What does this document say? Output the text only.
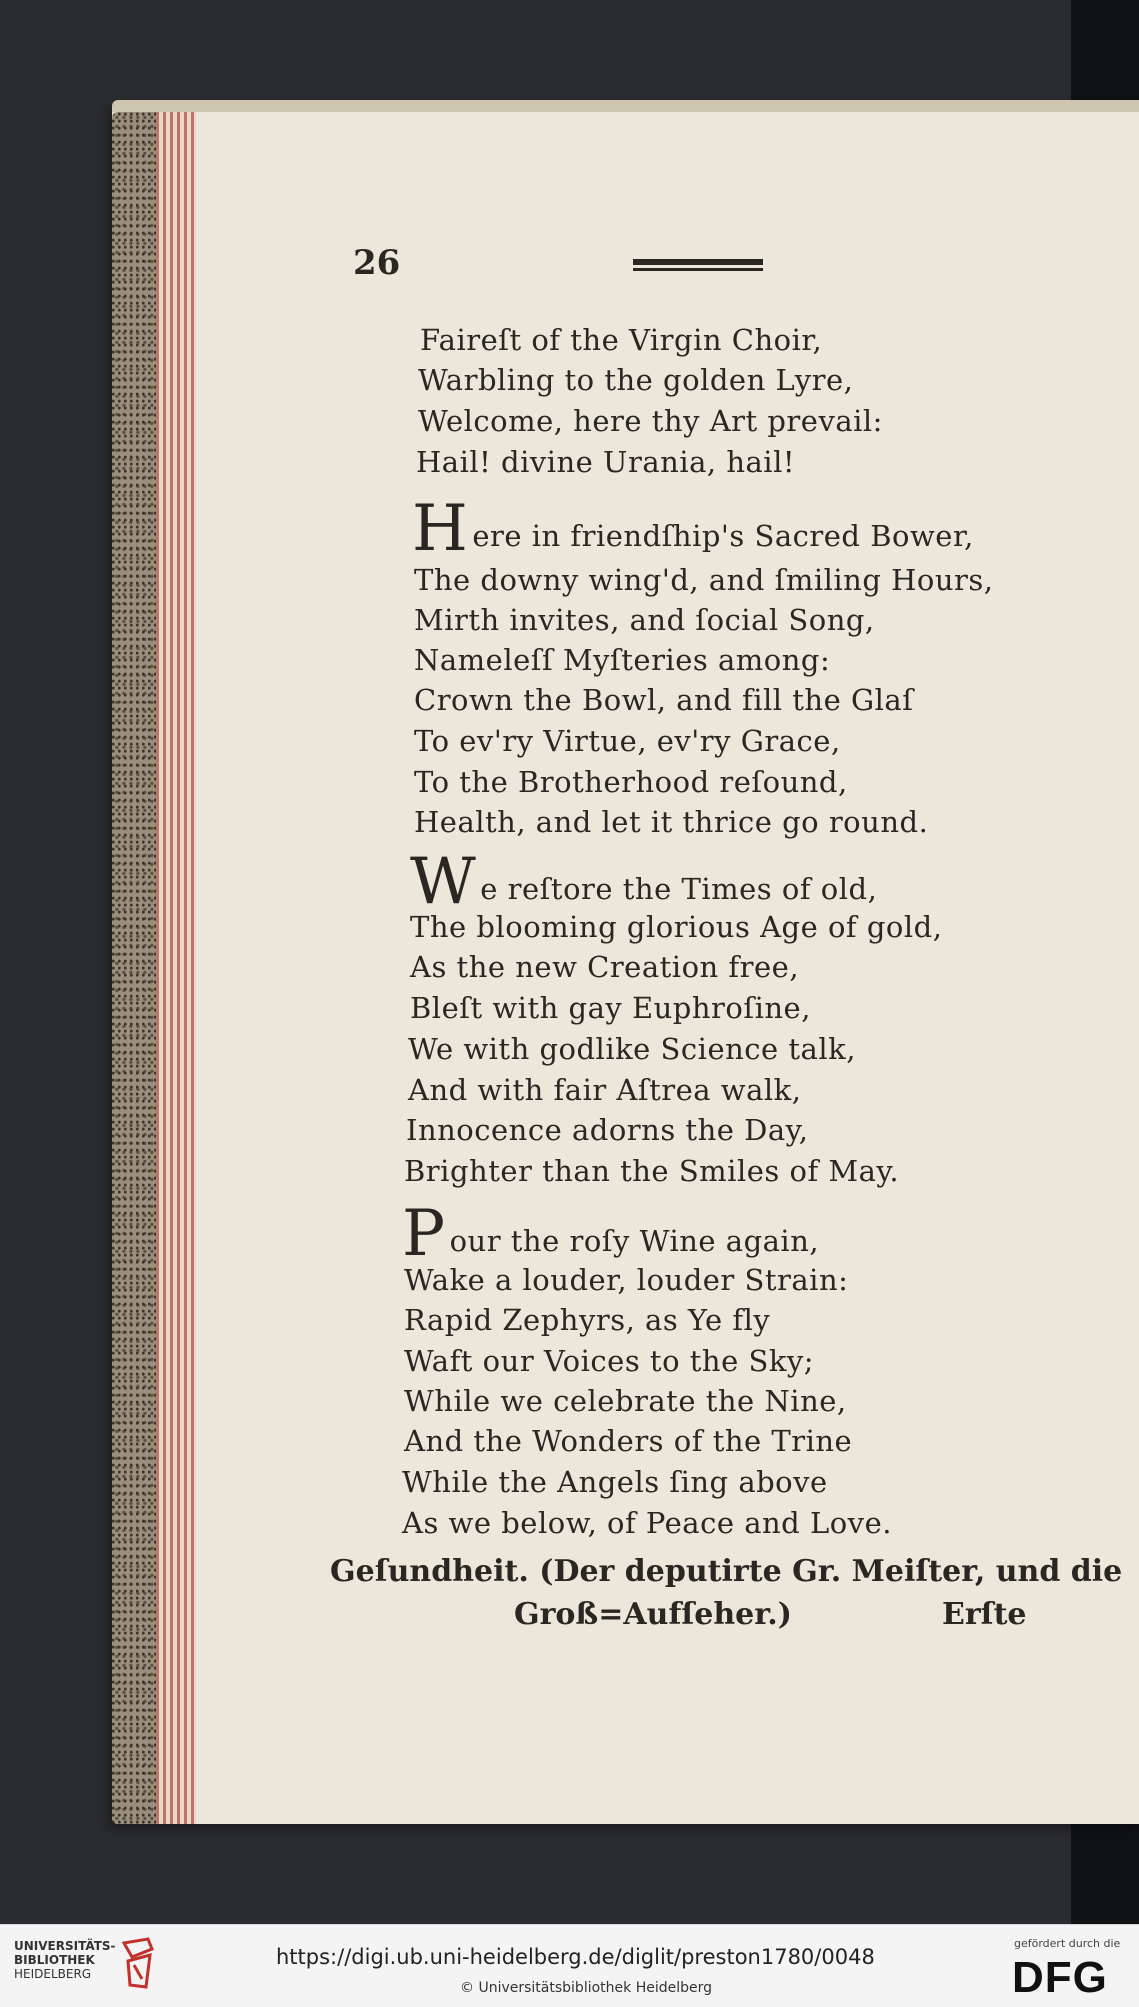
26
Faireſt of the Virgin Choir,
Warbling to the golden Lyre,
Welcome, here thy Art prevail:
Hail! divine Urania, hail!
Here in friendſhip's Sacred Bower,
The downy wing'd, and ſmiling Hours,
Mirth invites, and ſocial Song,
Nameleſſ Myſteries among:
Crown the Bowl, and fill the Glaſ
To ev'ry Virtue, ev'ry Grace,
To the Brotherhood reſound,
Health, and let it thrice go round.
We reſtore the Times of old,
The blooming glorious Age of gold,
As the new Creation free,
Bleſt with gay Euphroſine,
We with godlike Science talk,
And with fair Aſtrea walk,
Innocence adorns the Day,
Brighter than the Smiles of May.
Pour the roſy Wine again,
Wake a louder, louder Strain:
Rapid Zephyrs, as Ye fly
Waft our Voices to the Sky;
While we celebrate the Nine,
And the Wonders of the Trine
While the Angels ſing above
As we below, of Peace and Love.
Geſundheit. (Der deputirte Gr. Meiſter, und die
Groß=Aufſeher.)	Erſte
UNIVERSITÄTS-
BIBLIOTHEK
HEIDELBERG
https://digi.ub.uni-heidelberg.de/diglit/preston1780/0048
© Universitätsbibliothek Heidelberg
gefördert durch die
DFG
